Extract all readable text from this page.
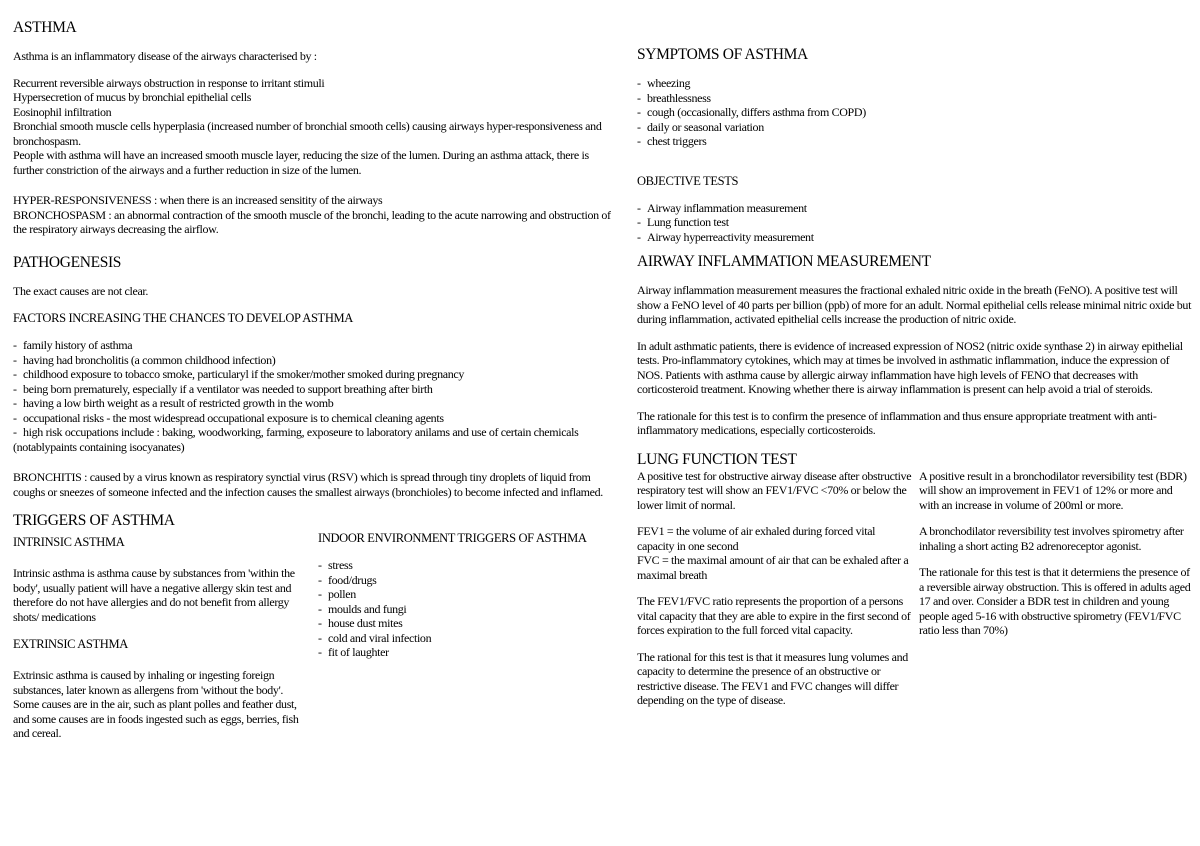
ASTHMA

Asthma is an inflammatory disease of the airways characterised by :

Recurrent reversible airways obstruction in response to irritant stimuli

Hypersecretion of mucus by bronchial epithelial cells

Eosinophil infiltration

Bronchial smooth muscle cells hyperplasia (increased number of bronchial smooth cells) causing airways hyper-responsiveness and bronchospasm.

People with asthma will have an increased smooth muscle layer, reducing the size of the lumen. During an asthma attack, there is further constriction of the airways and a further reduction in size of the lumen.

HYPER-RESPONSIVENESS : when there is an increased sensitity of the airways

BRONCHOSPASM : an abnormal contraction of the smooth muscle of the bronchi, leading to the acute narrowing and obstruction of the respiratory airways decreasing the airflow.

PATHOGENESIS

The exact causes are not clear.

FACTORS INCREASING THE CHANCES TO DEVELOP ASTHMA
- family history of asthma
- having had broncholitis (a common childhood infection)
- childhood exposure to tobacco smoke, particularyl if the smoker/mother smoked during pregnancy
- being born prematurely, especially if a ventilator was needed to support breathing after birth
- having a low birth weight as a result of restricted growth in the womb
- occupational risks - the most widespread occupational exposure is to chemical cleaning agents
- high risk occupations include : baking, woodworking, farming, exposeure to laboratory anilams and use of certain chemicals (notablypaints containing isocyanates)

BRONCHITIS : caused by a virus known as respiratory synctial virus (RSV) which is spread through tiny droplets of liquid from coughs or sneezes of someone infected and the infection causes the smallest airways (bronchioles) to become infected and inflamed.

TRIGGERS OF ASTHMA
INTRINSIC ASTHMA

Intrinsic asthma is asthma cause by substances from 'within the body', usually patient will have a negative allergy skin test and therefore do not have allergies and do not benefit from allergy shots/ medications

EXTRINSIC ASTHMA

Extrinsic asthma is caused by inhaling or ingesting foreign substances, later known as allergens from 'without the body'.

Some causes are in the air, such as plant polles and feather dust, and some causes are in foods ingested such as eggs, berries, fish and cereal.

INDOOR ENVIRONMENT TRIGGERS OF ASTHMA
- stress
- food/drugs
- pollen
- moulds and fungi
- house dust mites
- cold and viral infection
- fit of laughter
SYMPTOMS OF ASTHMA
- wheezing
- breathlessness
- cough (occasionally, differs asthma from COPD)
- daily or seasonal variation
- chest triggers
OBJECTIVE TESTS
- Airway inflammation measurement
- Lung function test
- Airway hyperreactivity measurement
AIRWAY INFLAMMATION MEASUREMENT

Airway inflammation measurement measures the fractional exhaled nitric oxide in the breath (FeNO). A positive test will show a FeNO level of 40 parts per billion (ppb) of more for an adult. Normal epithelial cells release minimal nitric oxide but during inflammation, activated epithelial cells increase the production of nitric oxide.

In adult asthmatic patients, there is evidence of increased expression of NOS2 (nitric oxide synthase 2) in airway epithelial tests. Pro-inflammatory cytokines, which may at times be involved in asthmatic inflammation, induce the expression of NOS. Patients with asthma cause by allergic airway inflammation have high levels of FENO that decreases with corticosteroid treatment. Knowing whether there is airway inflammation is present can help avoid a trial of steroids.

The rationale for this test is to confirm the presence of inflammation and thus ensure appropriate treatment with anti-inflammatory medications, especially corticosteroids.

LUNG FUNCTION TEST

A positive test for obstructive airway disease after obstructive respiratory test will show an FEV1/FVC <70% or below the lower limit of normal.

FEV1 = the volume of air exhaled during forced vital capacity in one second

FVC = the maximal amount of air that can be exhaled after a maximal breath

The FEV1/FVC ratio represents the proportion of a persons vital capacity that they are able to expire in the first second of forces expiration to the full forced vital capacity.

The rational for this test is that it measures lung volumes and capacity to determine the presence of an obstructive or restrictive disease. The FEV1 and FVC changes will differ depending on the type of disease.

A positive result in a bronchodilator reversibility test (BDR) will show an improvement in FEV1 of 12% or more and with an increase in volume of 200ml or more.

A bronchodilator reversibility test involves spirometry after inhaling a short acting B2 adrenoreceptor agonist.

The rationale for this test is that it determiens the presence of a reversible airway obstruction. This is offered in adults aged 17 and over. Consider a BDR test in children and young people aged 5-16 with obstructive spirometry (FEV1/FVC ratio less than 70%)
